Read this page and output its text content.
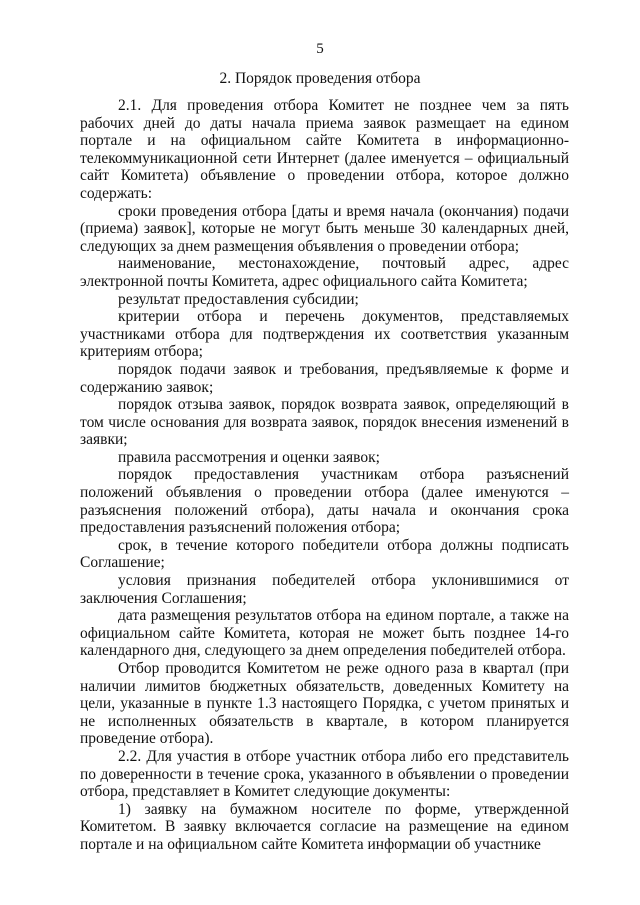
5
2. Порядок проведения отбора

2.1. Для проведения отбора Комитет не позднее чем за пять рабочих дней до даты начала приема заявок размещает на едином портале и на официальном сайте Комитета в информационно-телекоммуникационной сети Интернет (далее именуется – официальный сайт Комитета) объявление о проведении отбора, которое должно содержать:

сроки проведения отбора [даты и время начала (окончания) подачи (приема) заявок], которые не могут быть меньше 30 календарных дней, следующих за днем размещения объявления о проведении отбора;

наименование, местонахождение, почтовый адрес, адрес электронной почты Комитета, адрес официального сайта Комитета;

результат предоставления субсидии;

критерии отбора и перечень документов, представляемых участниками отбора для подтверждения их соответствия указанным критериям отбора;

порядок подачи заявок и требования, предъявляемые к форме и содержанию заявок;

порядок отзыва заявок, порядок возврата заявок, определяющий в том числе основания для возврата заявок, порядок внесения изменений в заявки;

правила рассмотрения и оценки заявок;

порядок предоставления участникам отбора разъяснений положений объявления о проведении отбора (далее именуются – разъяснения положений отбора), даты начала и окончания срока предоставления разъяснений положения отбора;

срок, в течение которого победители отбора должны подписать Соглашение;

условия признания победителей отбора уклонившимися от заключения Соглашения;

дата размещения результатов отбора на едином портале, а также на официальном сайте Комитета, которая не может быть позднее 14-го календарного дня, следующего за днем определения победителей отбора.

Отбор проводится Комитетом не реже одного раза в квартал (при наличии лимитов бюджетных обязательств, доведенных Комитету на цели, указанные в пункте 1.3 настоящего Порядка, с учетом принятых и не исполненных обязательств в квартале, в котором планируется проведение отбора).

2.2. Для участия в отборе участник отбора либо его представитель по доверенности в течение срока, указанного в объявлении о проведении отбора, представляет в Комитет следующие документы:

1) заявку на бумажном носителе по форме, утвержденной Комитетом. В заявку включается согласие на размещение на едином портале и на официальном сайте Комитета информации об участнике
